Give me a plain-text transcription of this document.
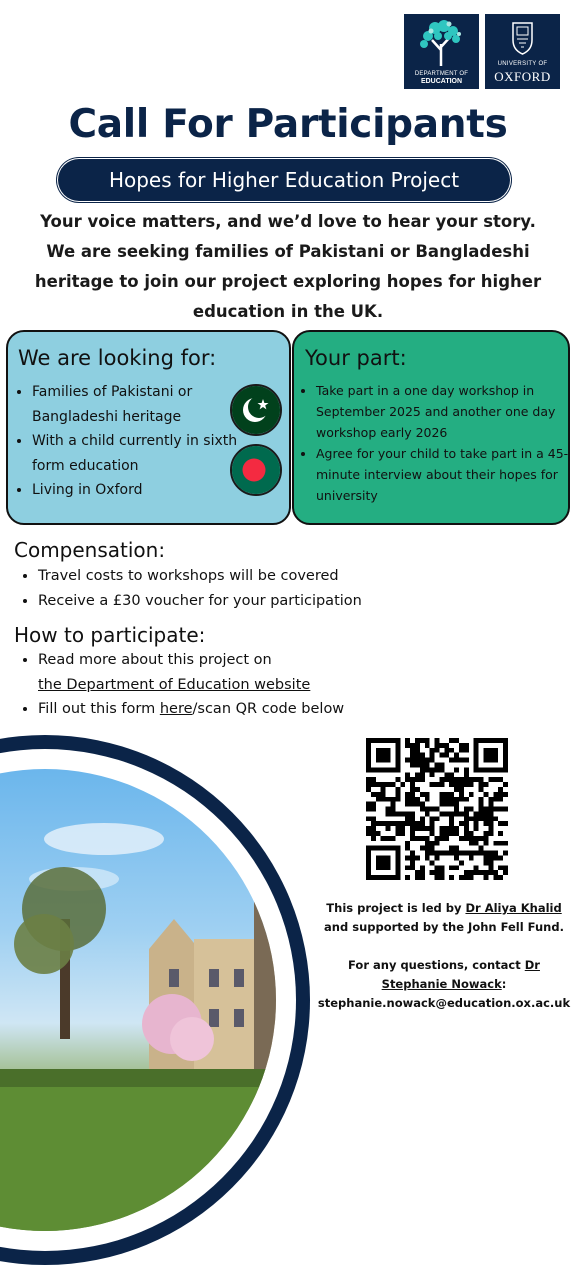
DEPARTMENT OF
EDUCATION
UNIVERSITY OF
OXFORD
Call For Participants
Hopes for Higher Education Project
Your voice matters, and we’d love to hear your story. We are seeking families of Pakistani or Bangladeshi heritage to join our project exploring hopes for higher education in the UK.
We are looking for:
• Families of Pakistani or Bangladeshi heritage
• With a child currently in sixth form education
• Living in Oxford
Your part:
• Take part in a one day workshop in September 2025 and another one day workshop early 2026
• Agree for your child to take part in a 45-minute interview about their hopes for university
Compensation:
• Travel costs to workshops will be covered
• Receive a £30 voucher for your participation
How to participate:
• Read more about this project on
the Department of Education website
• Fill out this form here/scan QR code below
This project is led by Dr Aliya Khalid
and supported by the John Fell Fund.
For any questions, contact Dr Stephanie Nowack:
stephanie.nowack@education.ox.ac.uk
